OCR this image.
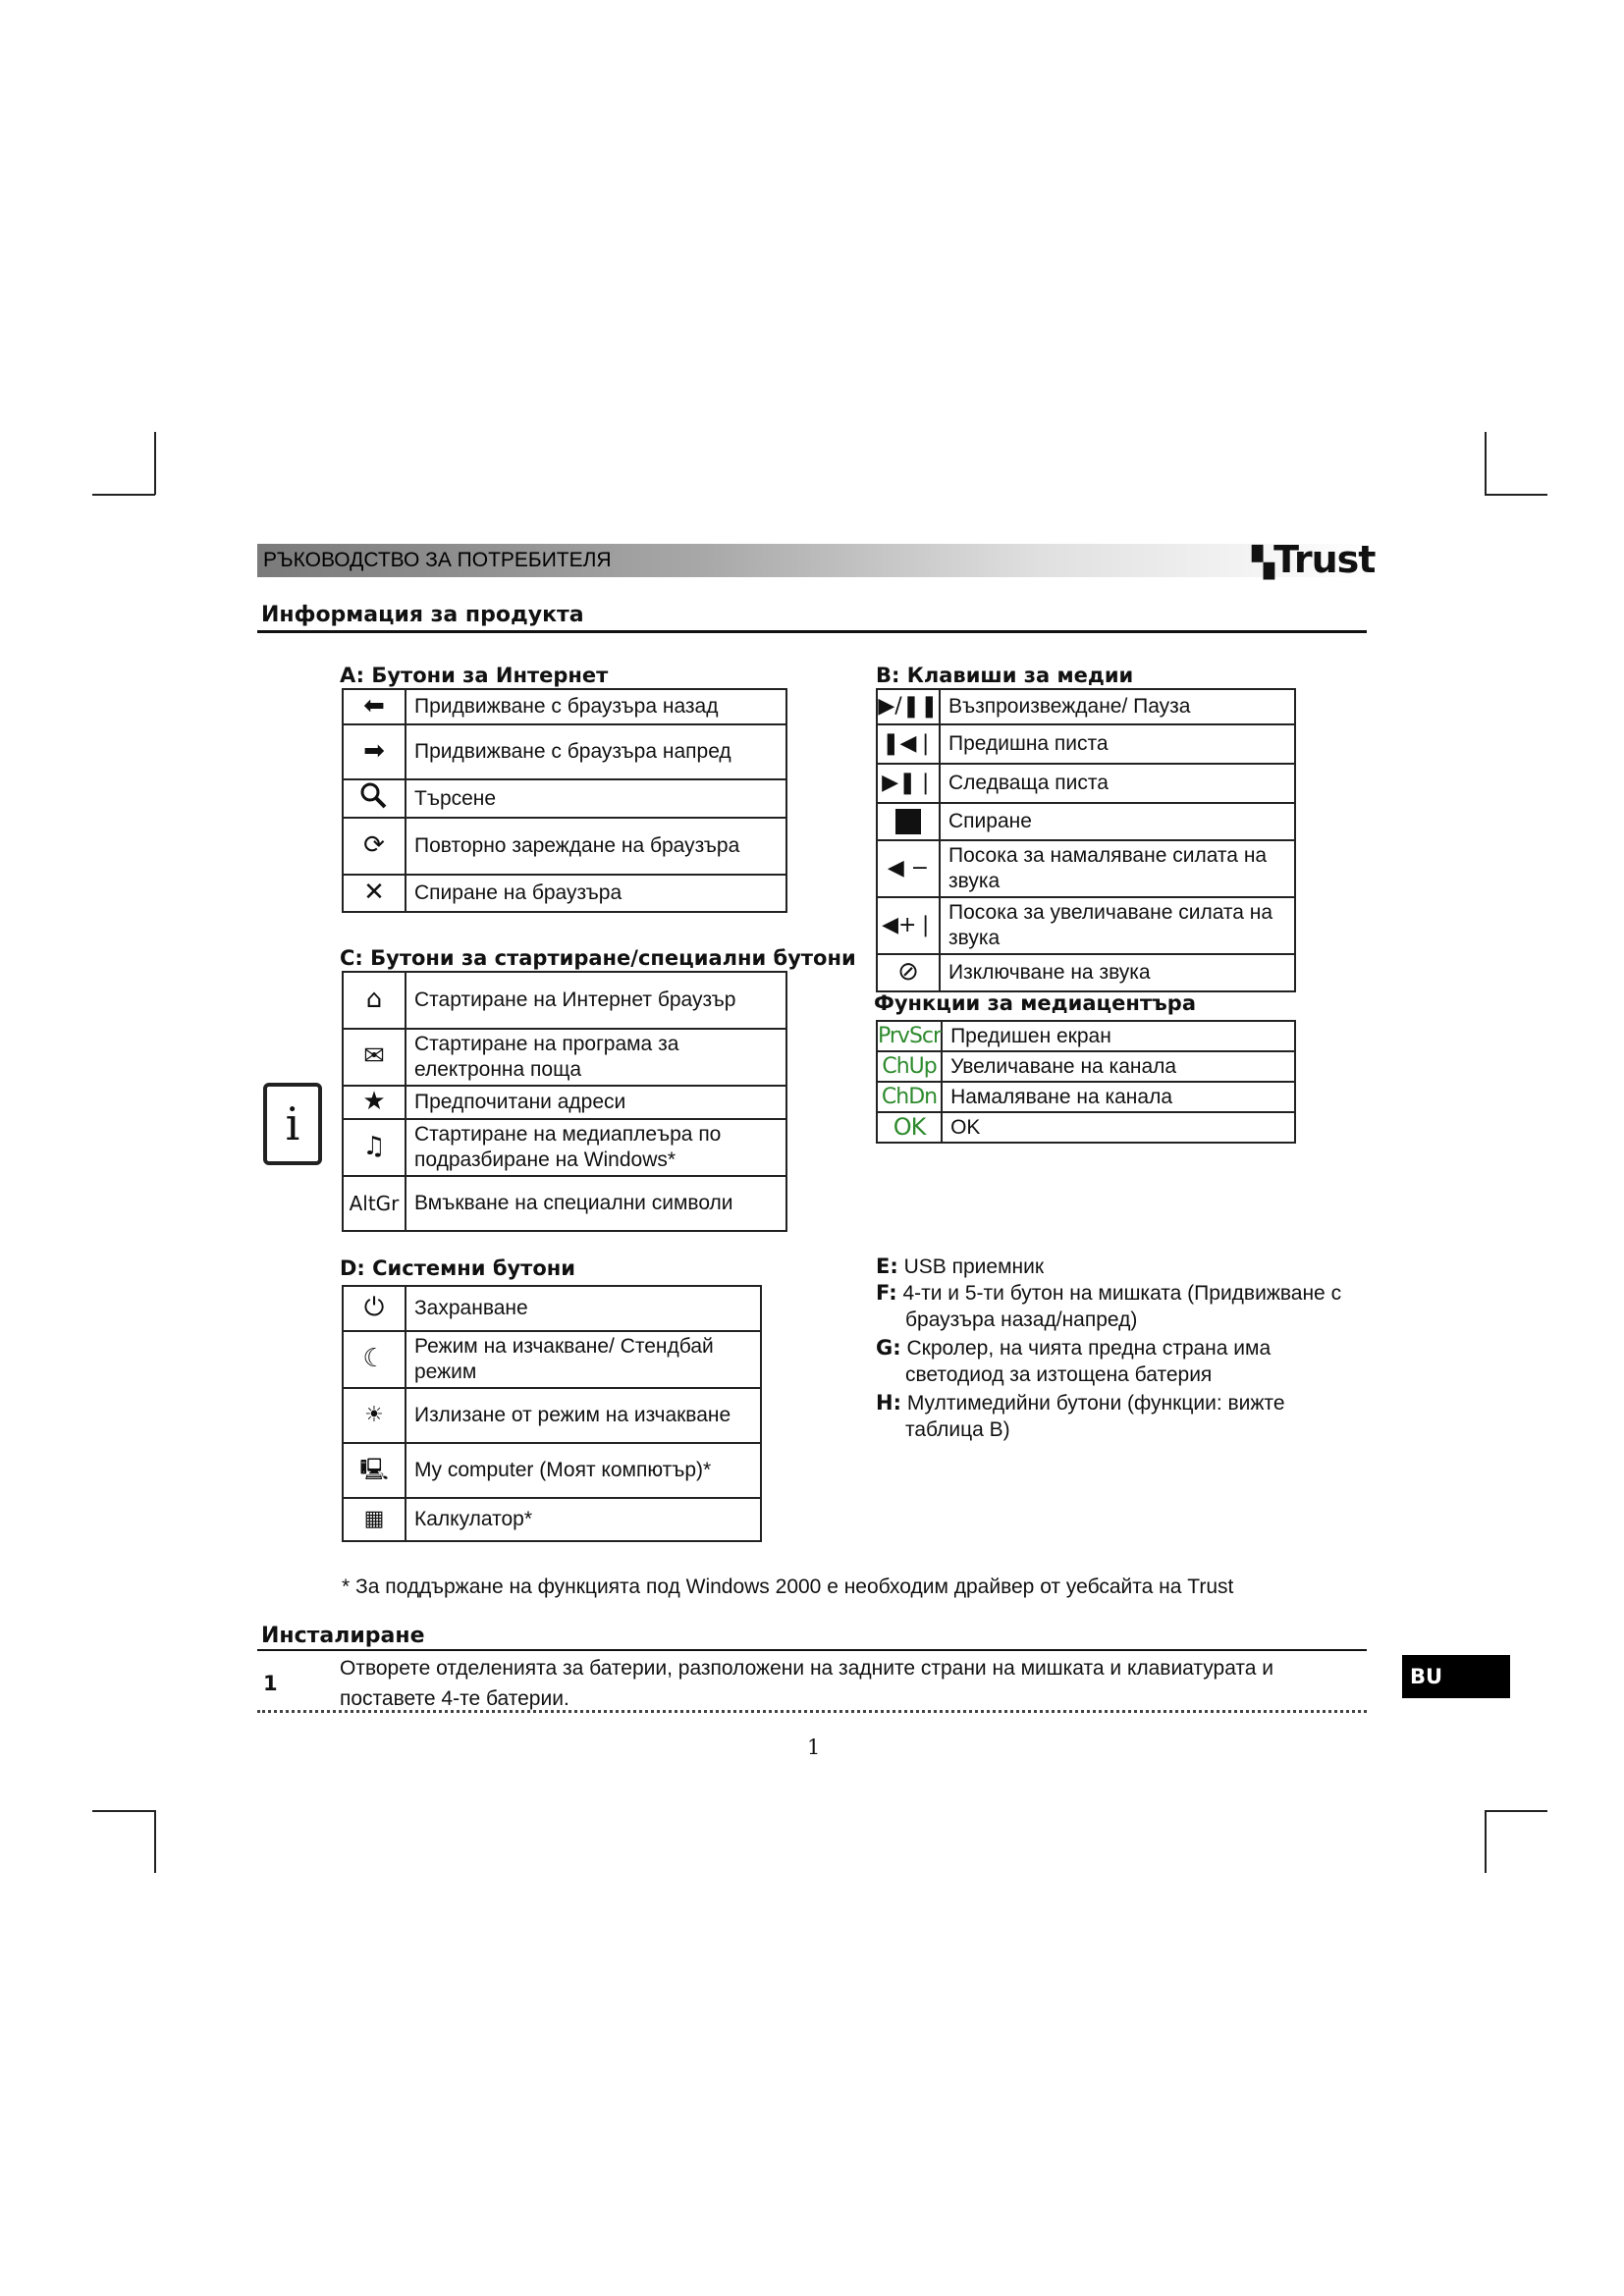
РЪКОВОДСТВО ЗА ПОТРЕБИТЕЛЯ	▚Trust
Информация за продукта
A: Бутони за Интернет
⬅	Придвижване с браузъра назад
➡	Придвижване с браузъра напред
	Търсене
⟳	Повторно зареждане на браузъра
✕	Спиране на браузъра
B: Клавиши за медии
▶/❚❚	Възпроизвеждане/ Пауза
❚◀❘	Предишна писта
▶❚❘	Следваща писта
	Спиране
◀ −	Посока за намаляване силата на звука
◀+❘	Посока за увеличаване силата на звука
⊘	Изключване на звука
Функции за медиацентъра
PrvScr	Предишен екран
ChUp	Увеличаване на канала
ChDn	Намаляване на канала
OK	OK
C: Бутони за стартиране/специални бутони
⌂	Стартиране на Интернет браузър
✉	Стартиране на програма за електронна поща
★	Предпочитани адреси
♫	Стартиране на медиаплеъра по подразбиране на Windows*
AltGr	Вмъкване на специални символи
i
D: Системни бутони
⏻	Захранване
☾	Режим на изчакване/ Стендбай режим
☀	Излизане от режим на изчакване
🖳	My computer (Моят компютър)*
▦	Калкулатор*
E: USB приемник
F: 4-ти и 5-ти бутон на мишката (Придвижване с браузъра назад/напред)
G: Скролер, на чията предна страна има светодиод за изтощена батерия
H: Мултимедийни бутони (функции: вижте таблица B)
* За поддържане на функцията под Windows 2000 е необходим драйвер от уебсайта на Trust
Инсталиране
1
Отворете отделенията за батерии, разположени на задните страни на мишката и клавиатурата и поставете 4-те батерии.
BU
1
